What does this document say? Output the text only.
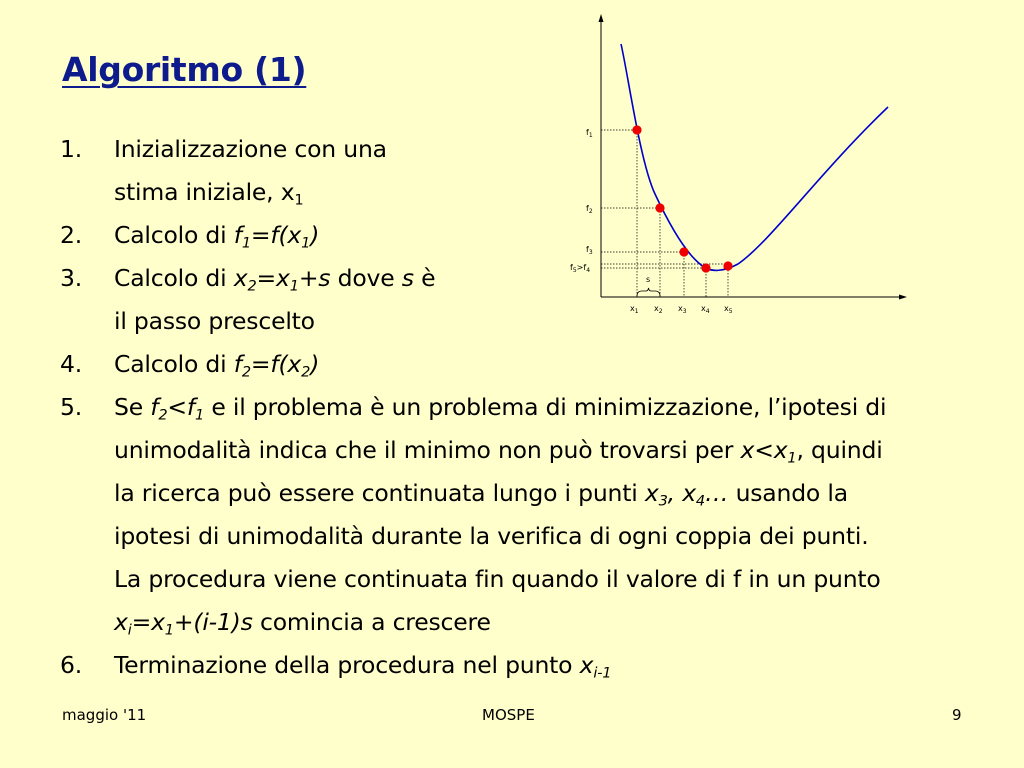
Algoritmo (1)
1. Inizializzazione con una
stima iniziale, $x_1$
2. Calcolo di $f_1=f(x_1)$
3. Calcolo di $x_2=x_1+s$ dove s è
il passo prescelto
4. Calcolo di $f_2=f(x_2)$
5. Se $f_2<f_1$ e il problema è un problema di minimizzazione, l’ipotesi di
unimodalità indica che il minimo non può trovarsi per $x<x_1$, quindi
la ricerca può essere continuata lungo i punti $x_3$, $x_4\dots$ usando la
ipotesi di unimodalità durante la verifica di ogni coppia dei punti.
La procedura viene continuata fin quando il valore di f in un punto
$x_i=x_1+(i-1)s$ comincia a crescere
6. Terminazione della procedura nel punto $x_{i-1}$
$f_1$
$f_2$
$f_3$
$f_5>f_4$
s
$x_1$ $x_2$ $x_3$ $x_4$ $x_5$
maggio '11	MOSPE	9
